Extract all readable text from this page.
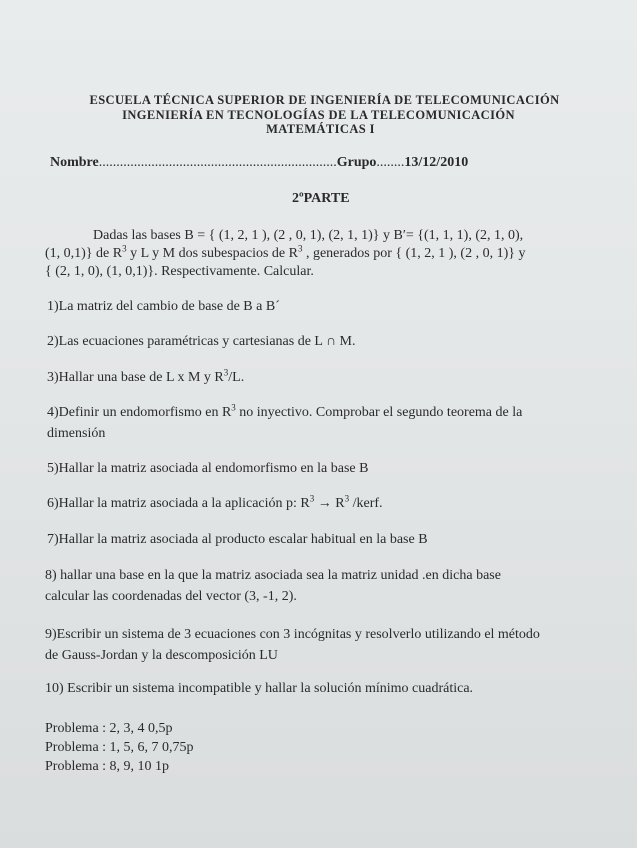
ESCUELA TÉCNICA SUPERIOR DE INGENIERÍA DE TELECOMUNICACIÓN
INGENIERÍA EN TECNOLOGÍAS DE LA TELECOMUNICACIÓN
MATEMÁTICAS I
Nombre....................................................................Grupo........13/12/2010
2ºPARTE
Dadas las bases B = { (1, 2, 1 ), (2 , 0, 1), (2, 1, 1)} y B′= {(1, 1, 1), (2, 1, 0),
(1, 0,1)} de $R^3$ y L y M dos subespacios de $R^3$ , generados por { (1, 2, 1 ), (2 , 0, 1)} y
{ (2, 1, 0), (1, 0,1)}. Respectivamente. Calcular.
1)La matriz del cambio de base de B a B´
2)Las ecuaciones paramétricas y cartesianas de L ∩ M.
3)Hallar una base de L x M y $R^3/L$.
4)Definir un endomorfismo en $R^3$ no inyectivo. Comprobar el segundo teorema de la
dimensión
5)Hallar la matriz asociada al endomorfismo en la base B
6)Hallar la matriz asociada a la aplicación p: $R^3 \to R^3$ /kerf.
7)Hallar la matriz asociada al producto escalar habitual en la base B
8) hallar una base en la que la matriz asociada sea la matriz unidad .en dicha base
calcular las coordenadas del vector (3, -1, 2).
9)Escribir un sistema de 3 ecuaciones con 3 incógnitas y resolverlo utilizando el método
de Gauss-Jordan y la descomposición LU
10) Escribir un sistema incompatible y hallar la solución mínimo cuadrática.
Problema : 2, 3, 4 0,5p
Problema : 1, 5, 6, 7 0,75p
Problema : 8, 9, 10 1p
